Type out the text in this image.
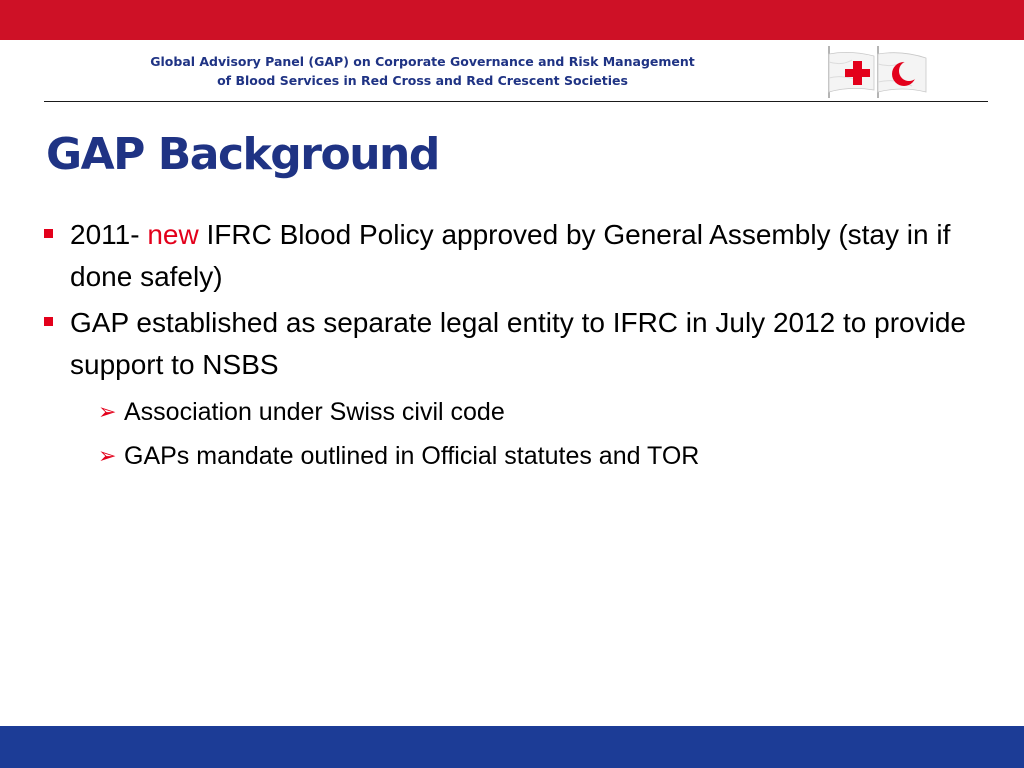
Global Advisory Panel (GAP) on Corporate Governance and Risk Management
of Blood Services in Red Cross and Red Crescent Societies
GAP Background
2011- new IFRC Blood Policy approved by General Assembly (stay in if done safely)
GAP established as separate legal entity to IFRC in July 2012 to provide support to NSBS
➢ Association under Swiss civil code
➢ GAPs mandate outlined in Official statutes and TOR
